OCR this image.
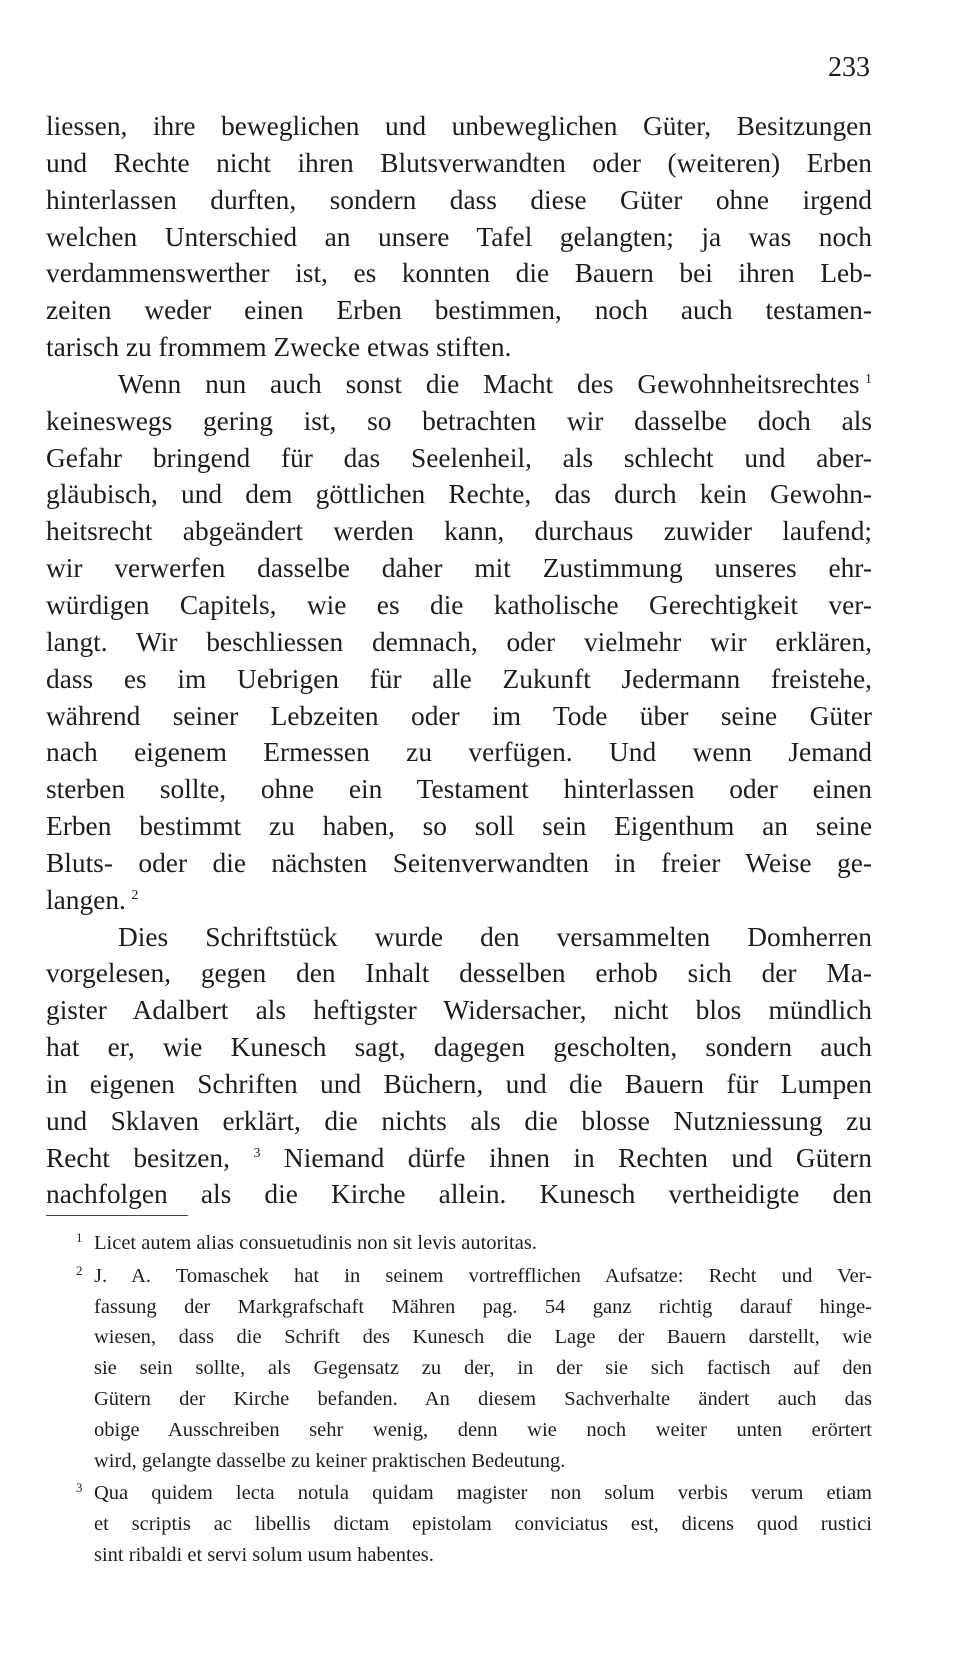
233
liessen, ihre beweglichen und unbeweglichen Güter, Besitzungen
und Rechte nicht ihren Blutsverwandten oder (weiteren) Erben
hinterlassen durften, sondern dass diese Güter ohne irgend
welchen Unterschied an unsere Tafel gelangten; ja was noch
verdammenswerther ist, es konnten die Bauern bei ihren Leb-
zeiten weder einen Erben bestimmen, noch auch testamen-
tarisch zu frommem Zwecke etwas stiften.
Wenn nun auch sonst die Macht des Gewohnheitsrechtes  $^1$
keineswegs gering ist, so betrachten wir dasselbe doch als
Gefahr bringend für das Seelenheil, als schlecht und aber-
gläubisch, und dem göttlichen Rechte, das durch kein Gewohn-
heitsrecht abgeändert werden kann, durchaus zuwider laufend;
wir verwerfen dasselbe daher mit Zustimmung unseres ehr-
würdigen Capitels, wie es die katholische Gerechtigkeit ver-
langt. Wir beschliessen demnach, oder vielmehr wir erklären,
dass es im Uebrigen für alle Zukunft Jedermann freistehe,
während seiner Lebzeiten oder im Tode über seine Güter
nach eigenem Ermessen zu verfügen. Und wenn Jemand
sterben sollte, ohne ein Testament hinterlassen oder einen
Erben bestimmt zu haben, so soll sein Eigenthum an seine
Bluts- oder die nächsten Seitenverwandten in freier Weise ge-
langen.  $^2$
Dies Schriftstück wurde den versammelten Domherren
vorgelesen, gegen den Inhalt desselben erhob sich der Ma-
gister Adalbert als heftigster Widersacher, nicht blos mündlich
hat er, wie Kunesch sagt, dagegen gescholten, sondern auch
in eigenen Schriften und Büchern, und die Bauern für Lumpen
und Sklaven erklärt, die nichts als die blosse Nutzniessung zu
Recht besitzen, $^3$ Niemand dürfe ihnen in Rechten und Gütern
nachfolgen als die Kirche allein. Kunesch vertheidigte den
1 Licet autem alias consuetudinis non sit levis autoritas.
2 J. A. Tomaschek hat in seinem vortrefflichen Aufsatze: Recht und Ver-
fassung der Markgrafschaft Mähren pag. 54 ganz richtig darauf hinge-
wiesen, dass die Schrift des Kunesch die Lage der Bauern darstellt, wie
sie sein sollte, als Gegensatz zu der, in der sie sich factisch auf den
Gütern der Kirche befanden. An diesem Sachverhalte ändert auch das
obige Ausschreiben sehr wenig, denn wie noch weiter unten erörtert
wird, gelangte dasselbe zu keiner praktischen Bedeutung.
3 Qua quidem lecta notula quidam magister non solum verbis verum etiam
et scriptis ac libellis dictam epistolam conviciatus est, dicens quod rustici
sint ribaldi et servi solum usum habentes.
